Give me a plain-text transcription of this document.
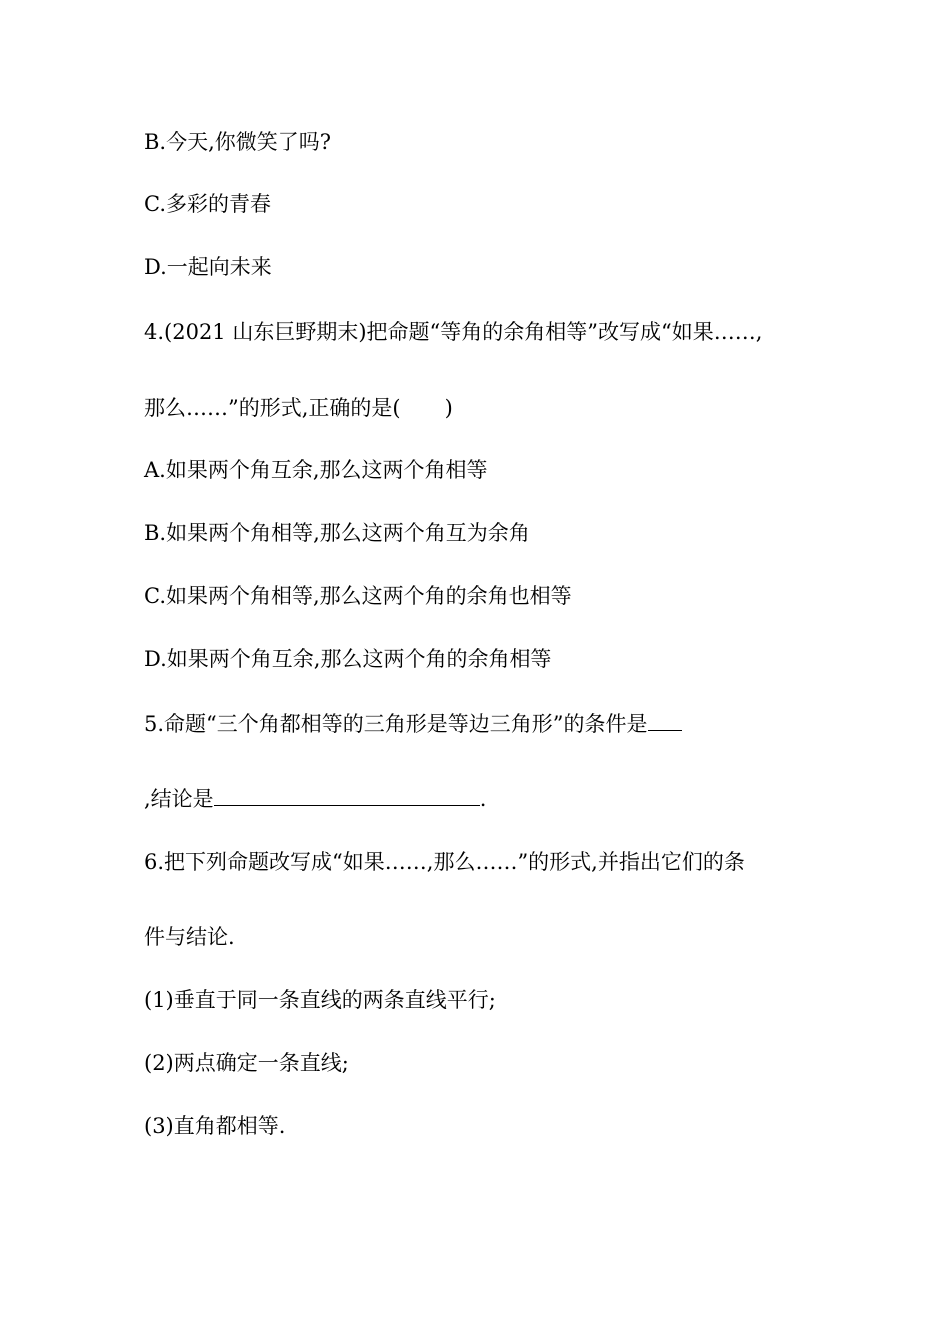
B.今天,你微笑了吗?
C.多彩的青春
D.一起向未来
4.(2021 山东巨野期末)把命题“等角的余角相等”改写成“如果……,
那么……”的形式,正确的是( )
A.如果两个角互余,那么这两个角相等
B.如果两个角相等,那么这两个角互为余角
C.如果两个角相等,那么这两个角的余角也相等
D.如果两个角互余,那么这两个角的余角相等
5.命题“三个角都相等的三角形是等边三角形”的条件是
,结论是	.
6.把下列命题改写成“如果……,那么……”的形式,并指出它们的条
件与结论.
(1)垂直于同一条直线的两条直线平行;
(2)两点确定一条直线;
(3)直角都相等.
